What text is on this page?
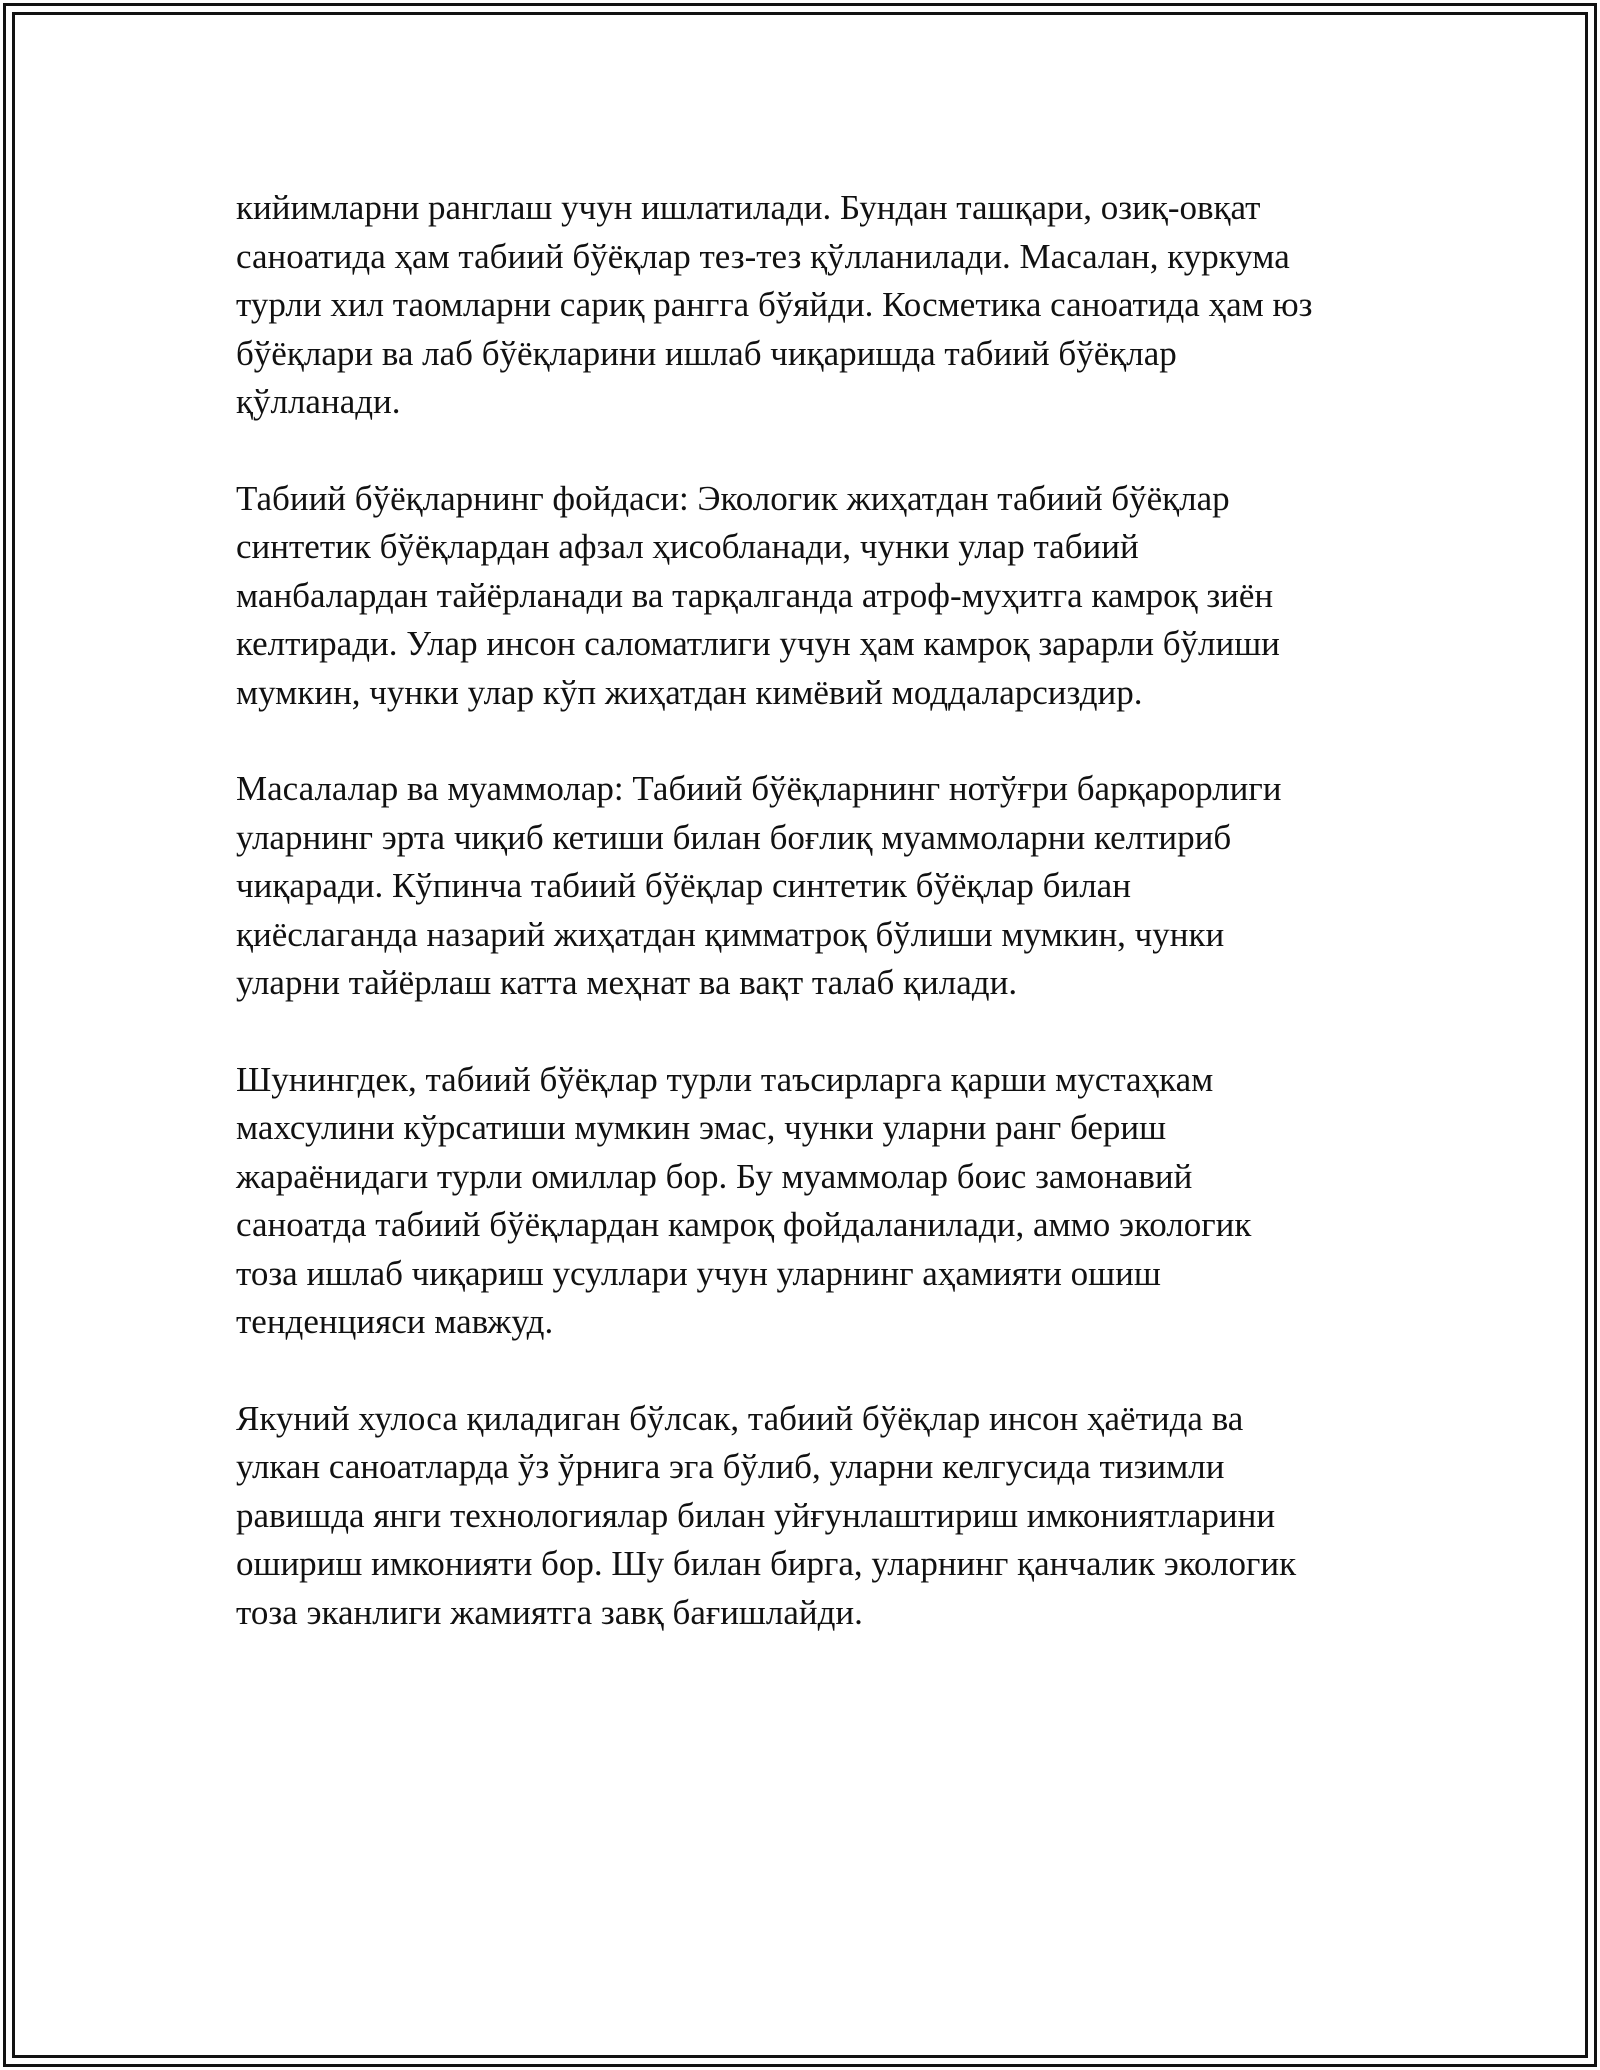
кийимларни ранглаш учун ишлатилади. Бундан ташқари, озиқ-овқат
саноатида ҳам табиий бўёқлар тез-тез қўлланилади. Масалан, куркума
турли хил таомларни сариқ рангга бўяйди. Косметика саноатида ҳам юз
бўёқлари ва лаб бўёқларини ишлаб чиқаришда табиий бўёқлар
қўлланади.

Табиий бўёқларнинг фойдаси: Экологик жиҳатдан табиий бўёқлар
синтетик бўёқлардан афзал ҳисобланади, чунки улар табиий
манбалардан тайёрланади ва тарқалганда атроф-муҳитга камроқ зиён
келтиради. Улар инсон саломатлиги учун ҳам камроқ зарарли бўлиши
мумкин, чунки улар кўп жиҳатдан кимёвий моддаларсиздир.

Масалалар ва муаммолар: Табиий бўёқларнинг нотўғри барқарорлиги
уларнинг эрта чиқиб кетиши билан боғлиқ муаммоларни келтириб
чиқаради. Кўпинча табиий бўёқлар синтетик бўёқлар билан
қиёслаганда назарий жиҳатдан қимматроқ бўлиши мумкин, чунки
уларни тайёрлаш катта меҳнат ва вақт талаб қилади.

Шунингдек, табиий бўёқлар турли таъсирларга қарши мустаҳкам
махсулини кўрсатиши мумкин эмас, чунки уларни ранг бериш
жараёнидаги турли омиллар бор. Бу муаммолар боис замонавий
саноатда табиий бўёқлардан камроқ фойдаланилади, аммо экологик
тоза ишлаб чиқариш усуллари учун уларнинг аҳамияти ошиш
тенденцияси мавжуд.

Якуний хулоса қиладиган бўлсак, табиий бўёқлар инсон ҳаётида ва
улкан саноатларда ўз ўрнига эга бўлиб, уларни келгусида тизимли
равишда янги технологиялар билан уйғунлаштириш имкониятларини
ошириш имконияти бор. Шу билан бирга, уларнинг қанчалик экологик
тоза эканлиги жамиятга завқ бағишлайди.
